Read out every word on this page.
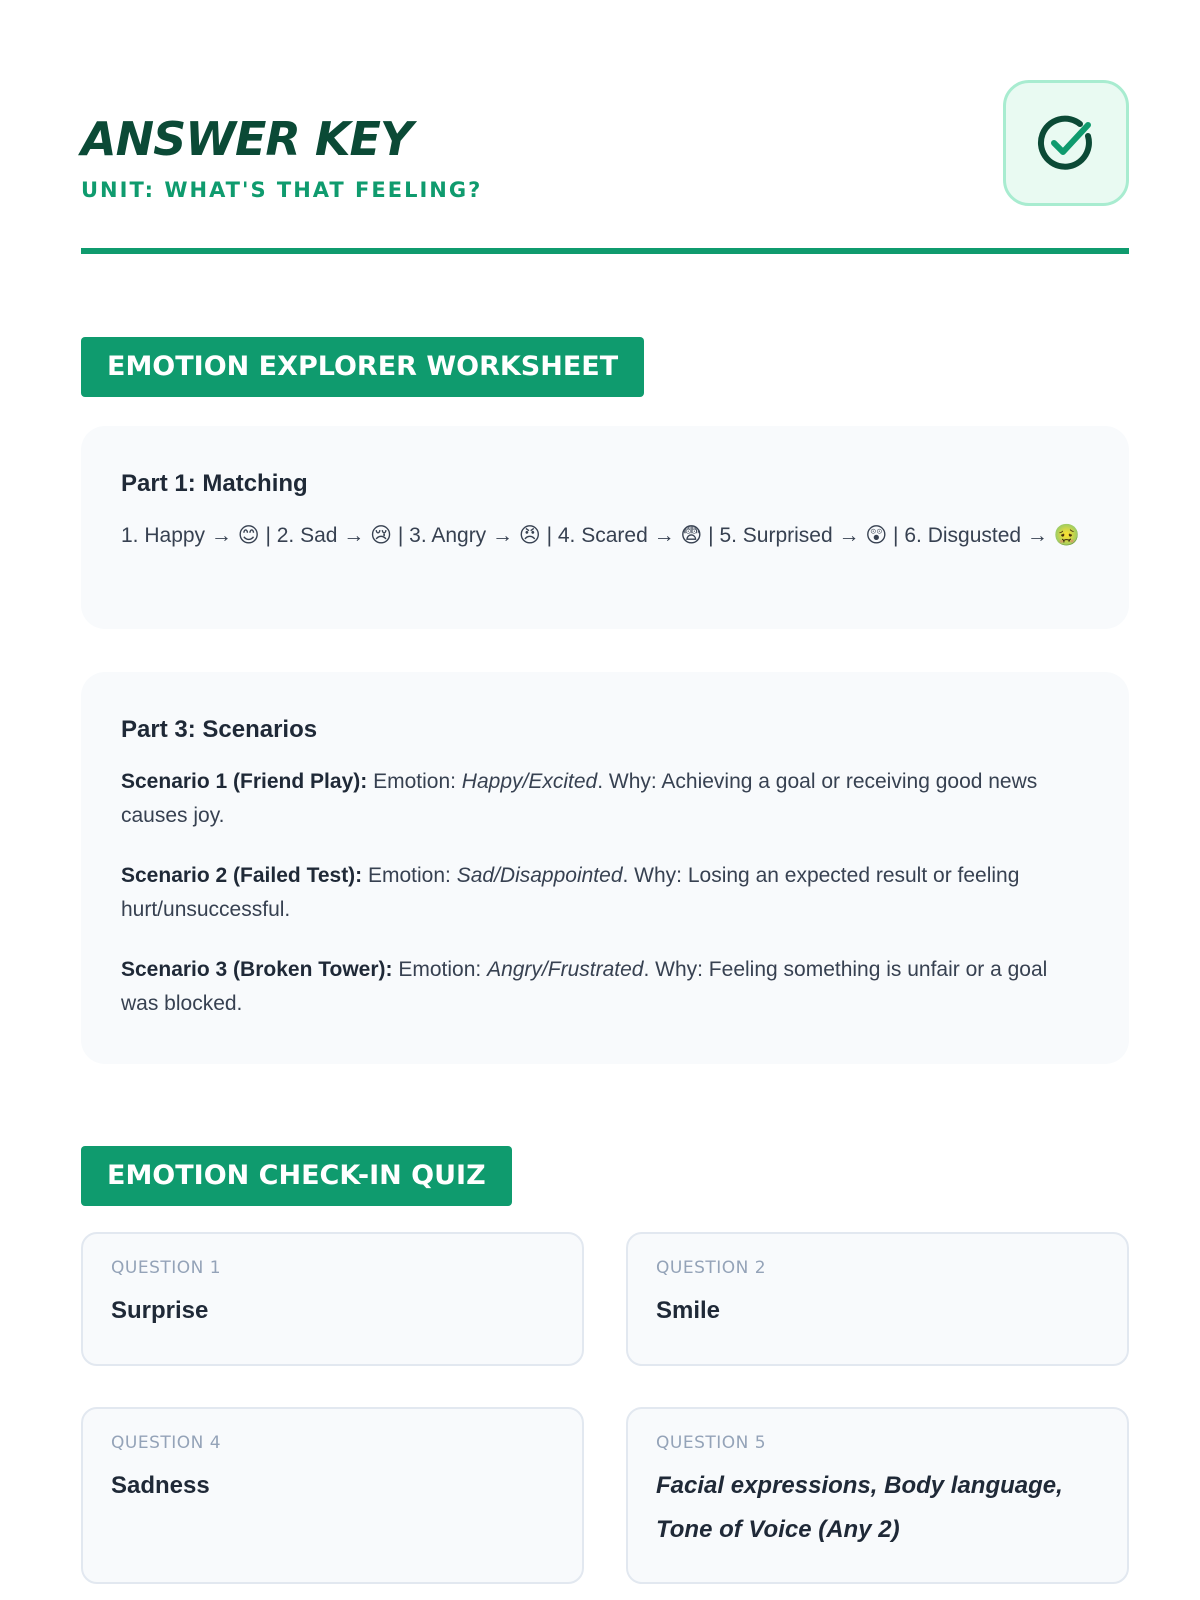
ANSWER KEY
UNIT: WHAT'S THAT FEELING?
EMOTION EXPLORER WORKSHEET
Part 1: Matching
1. Happy → 😊 | 2. Sad → 😢 | 3. Angry → 😠 | 4. Scared → 😨 | 5. Surprised → 😲 | 6. Disgusted → 🤢
Part 3: Scenarios
Scenario 1 (Friend Play): Emotion: Happy/Excited. Why: Achieving a goal or receiving good news causes joy.
Scenario 2 (Failed Test): Emotion: Sad/Disappointed. Why: Losing an expected result or feeling hurt/unsuccessful.
Scenario 3 (Broken Tower): Emotion: Angry/Frustrated. Why: Feeling something is unfair or a goal was blocked.
EMOTION CHECK-IN QUIZ
QUESTION 1
Surprise
QUESTION 2
Smile
QUESTION 4
Sadness
QUESTION 5
Facial expressions, Body language, Tone of Voice (Any 2)
